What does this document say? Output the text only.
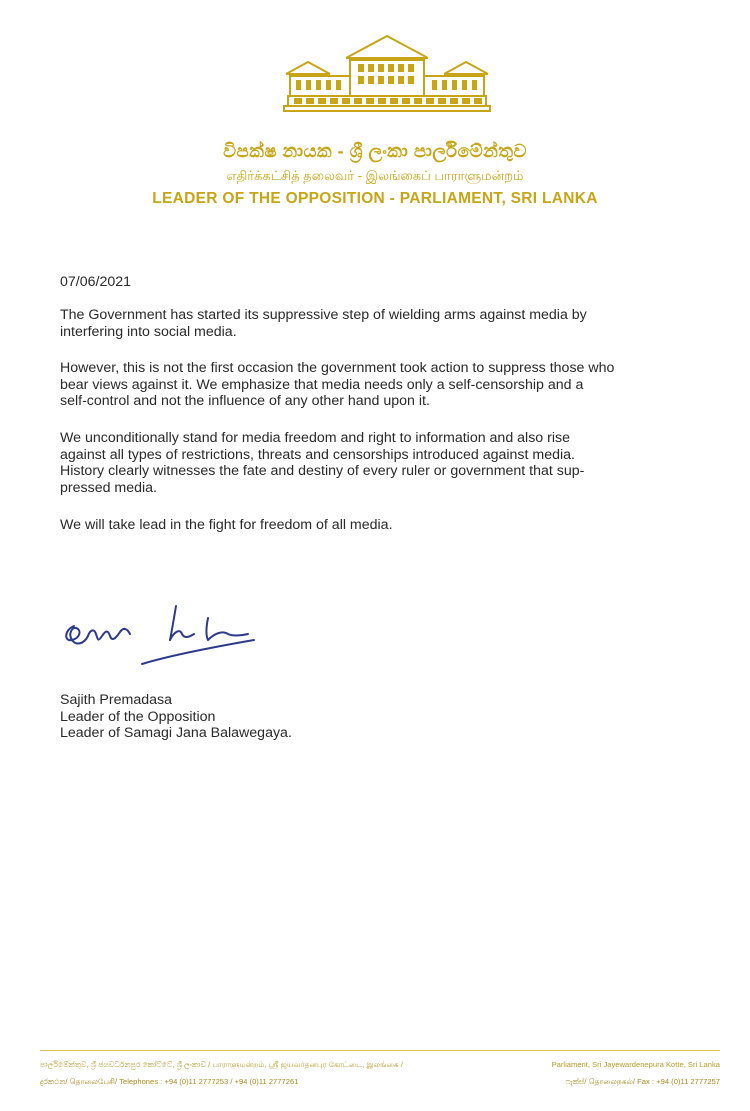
විපක්ෂ නායක - ශ්‍රී ලංකා පාර්ලිමේන්තුව
எதிர்க்கட்சித் தலைவர் - இலங்கைப் பாராளுமன்றம்
LEADER OF THE OPPOSITION - PARLIAMENT, SRI LANKA
07/06/2021
The Government has started its suppressive step of wielding arms against media by
interfering into social media.
However, this is not the first occasion the government took action to suppress those who
bear views against it. We emphasize that media needs only a self-censorship and a
self-control and not the influence of any other hand upon it.
We unconditionally stand for media freedom and right to information and also rise
against all types of restrictions, threats and censorships introduced against media.
History clearly witnesses the fate and destiny of every ruler or government that sup-
pressed media.
We will take lead in the fight for freedom of all media.
Sajith Premadasa
Leader of the Opposition
Leader of Samagi Jana Balawegaya.
පාර්ලිමේන්තුව, ශ්‍රී ජයවර්ධනපුර කෝට්ටේ, ශ්‍රී ලංකාව / பாராளுமன்றம், ஸ்ரீ ஜயவர்தனபுர கோட்டை, இலங்கை /	Parliament, Sri Jayewardenepura Kotte, Sri Lanka
දුරකථන/ தொலைபேசி/ Telephones : +94 (0)11 2777253 / +94 (0)11 2777261	ෆැක්ස්/ தொலைநகல்/ Fax : +94 (0)11 2777257
